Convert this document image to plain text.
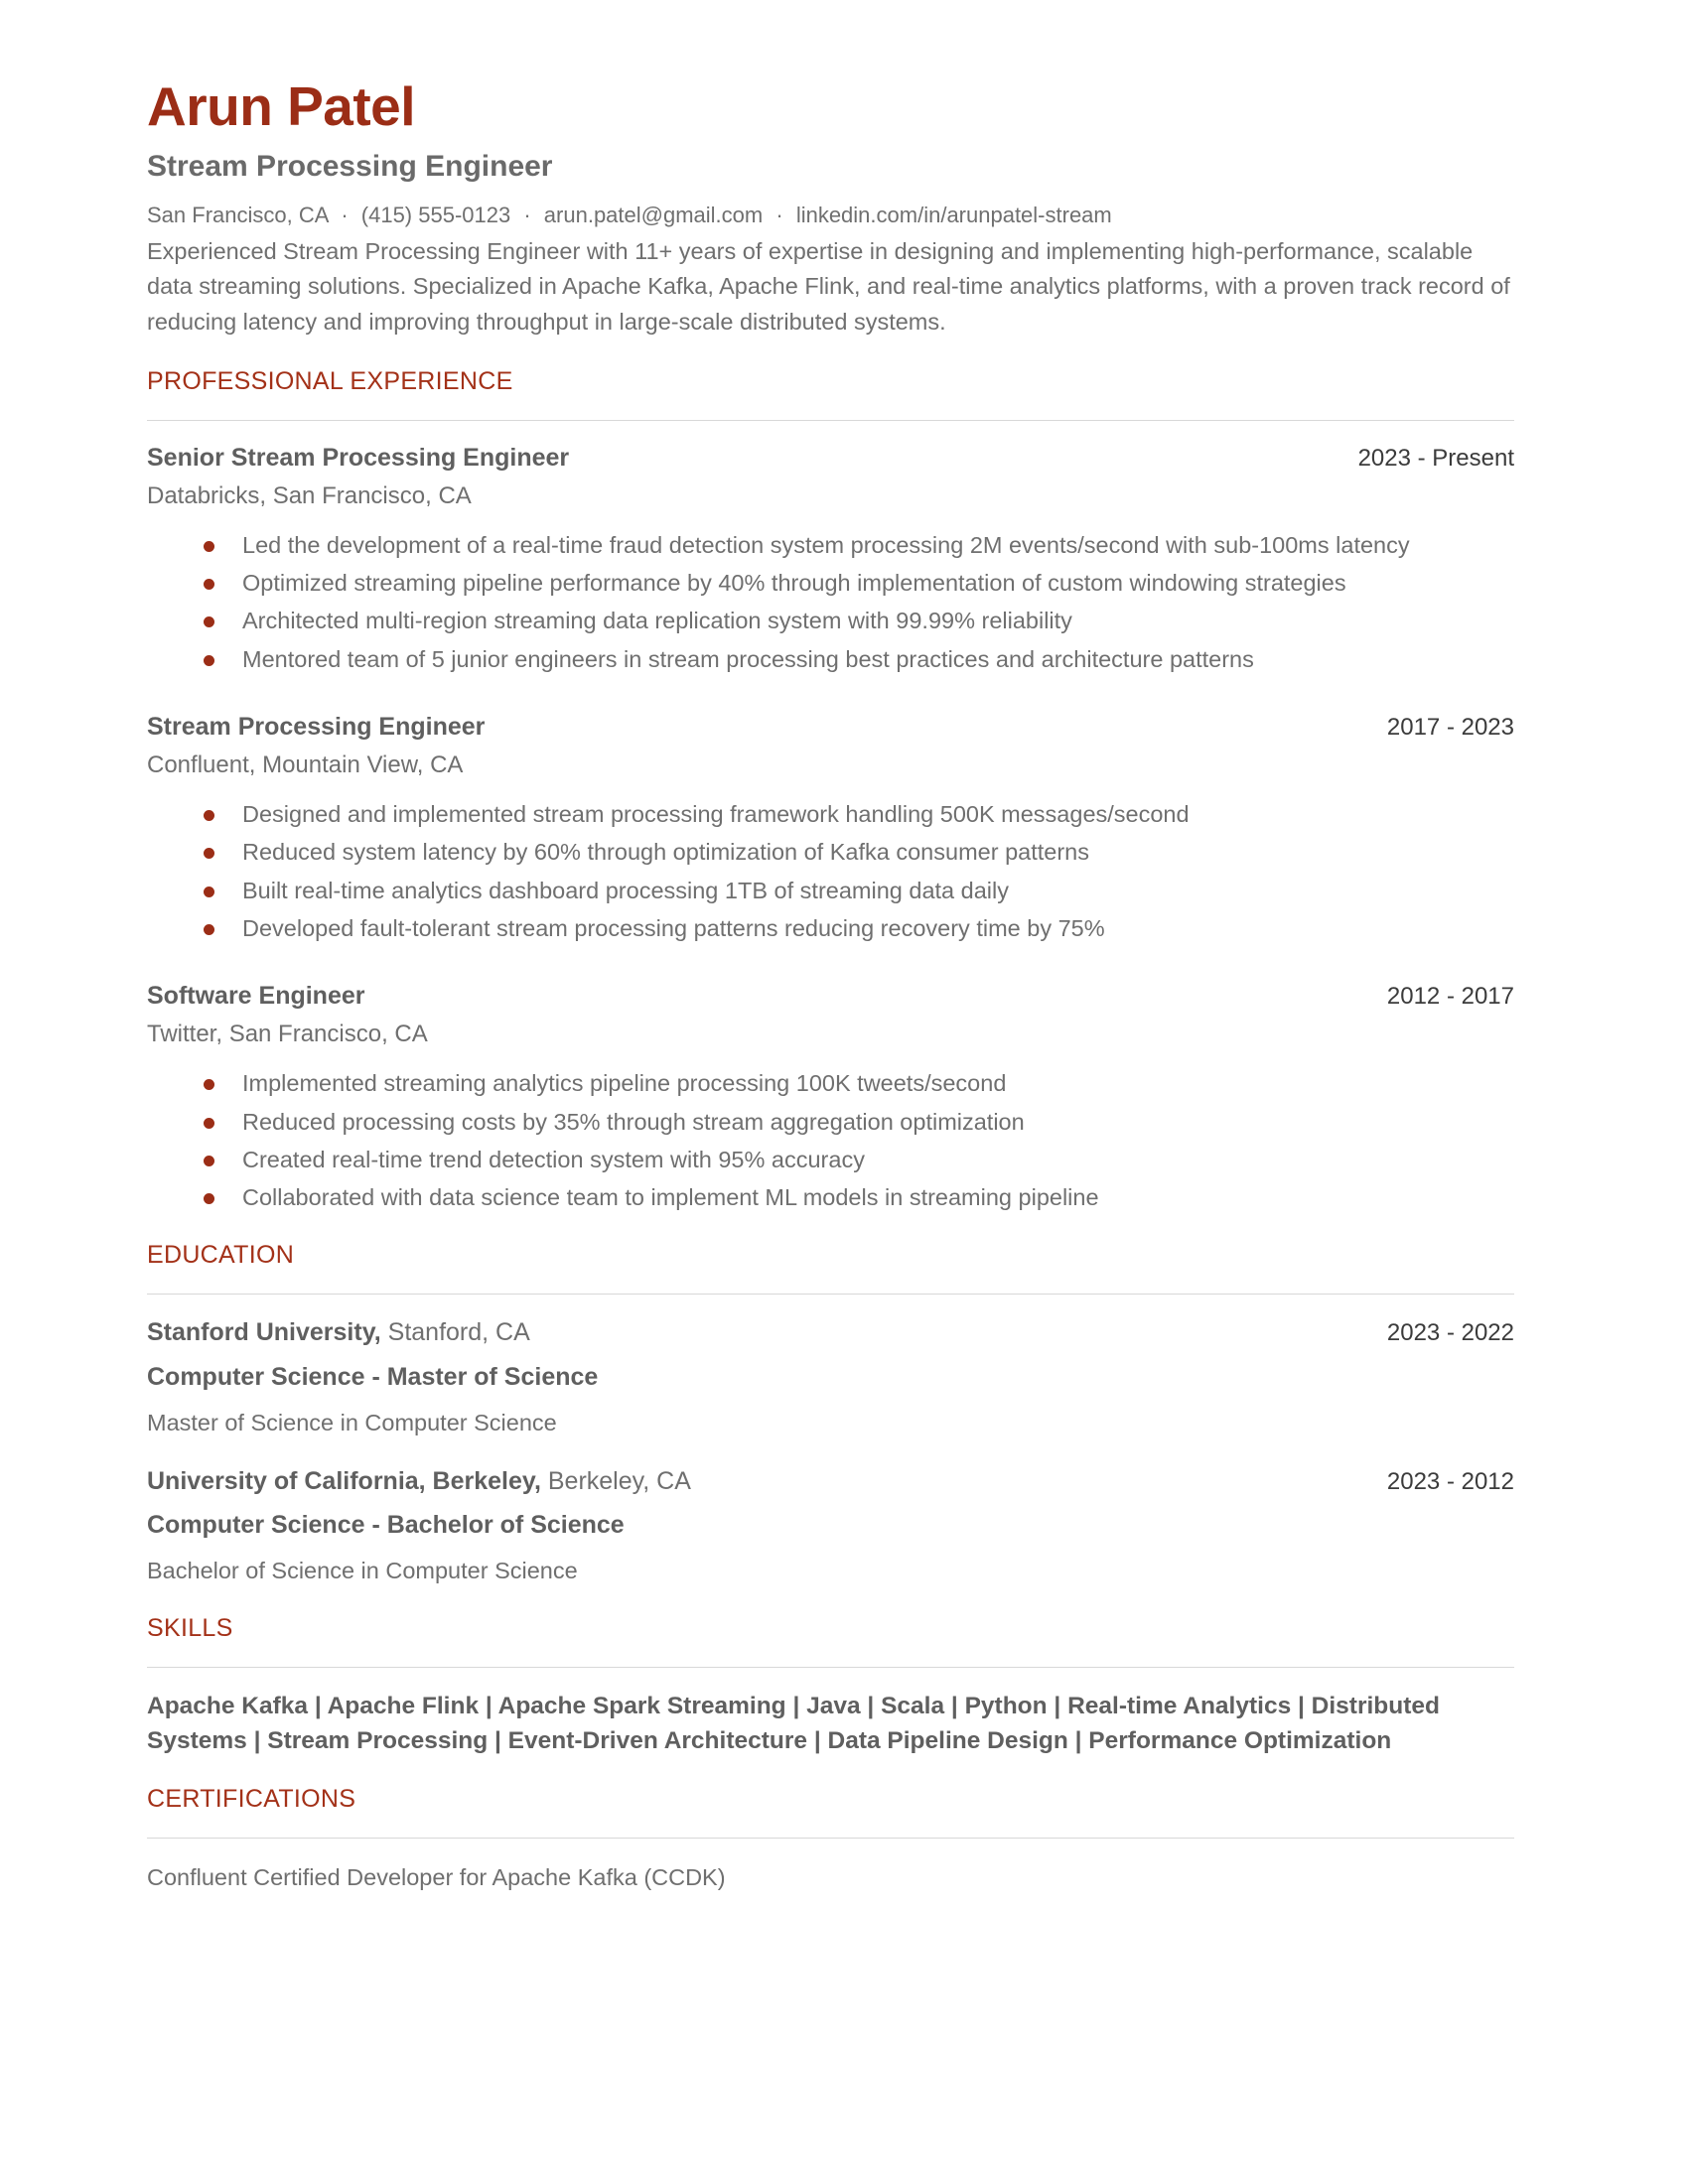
Arun Patel
Stream Processing Engineer
San Francisco, CA · (415) 555-0123 · arun.patel@gmail.com · linkedin.com/in/arunpatel-stream

Experienced Stream Processing Engineer with 11+ years of expertise in designing and implementing high-performance, scalable data streaming solutions. Specialized in Apache Kafka, Apache Flink, and real-time analytics platforms, with a proven track record of reducing latency and improving throughput in large-scale distributed systems.

PROFESSIONAL EXPERIENCE
Senior Stream Processing Engineer	2023 - Present
Databricks, San Francisco, CA
Led the development of a real-time fraud detection system processing 2M events/second with sub-100ms latency
Optimized streaming pipeline performance by 40% through implementation of custom windowing strategies
Architected multi-region streaming data replication system with 99.99% reliability
Mentored team of 5 junior engineers in stream processing best practices and architecture patterns
Stream Processing Engineer	2017 - 2023
Confluent, Mountain View, CA
Designed and implemented stream processing framework handling 500K messages/second
Reduced system latency by 60% through optimization of Kafka consumer patterns
Built real-time analytics dashboard processing 1TB of streaming data daily
Developed fault-tolerant stream processing patterns reducing recovery time by 75%
Software Engineer	2012 - 2017
Twitter, San Francisco, CA
Implemented streaming analytics pipeline processing 100K tweets/second
Reduced processing costs by 35% through stream aggregation optimization
Created real-time trend detection system with 95% accuracy
Collaborated with data science team to implement ML models in streaming pipeline
EDUCATION
Stanford University, Stanford, CA	2023 - 2022
Computer Science - Master of Science
Master of Science in Computer Science
University of California, Berkeley, Berkeley, CA	2023 - 2012
Computer Science - Bachelor of Science
Bachelor of Science in Computer Science
SKILLS
Apache Kafka | Apache Flink | Apache Spark Streaming | Java | Scala | Python | Real-time Analytics | Distributed Systems | Stream Processing | Event-Driven Architecture | Data Pipeline Design | Performance Optimization
CERTIFICATIONS
Confluent Certified Developer for Apache Kafka (CCDK)
